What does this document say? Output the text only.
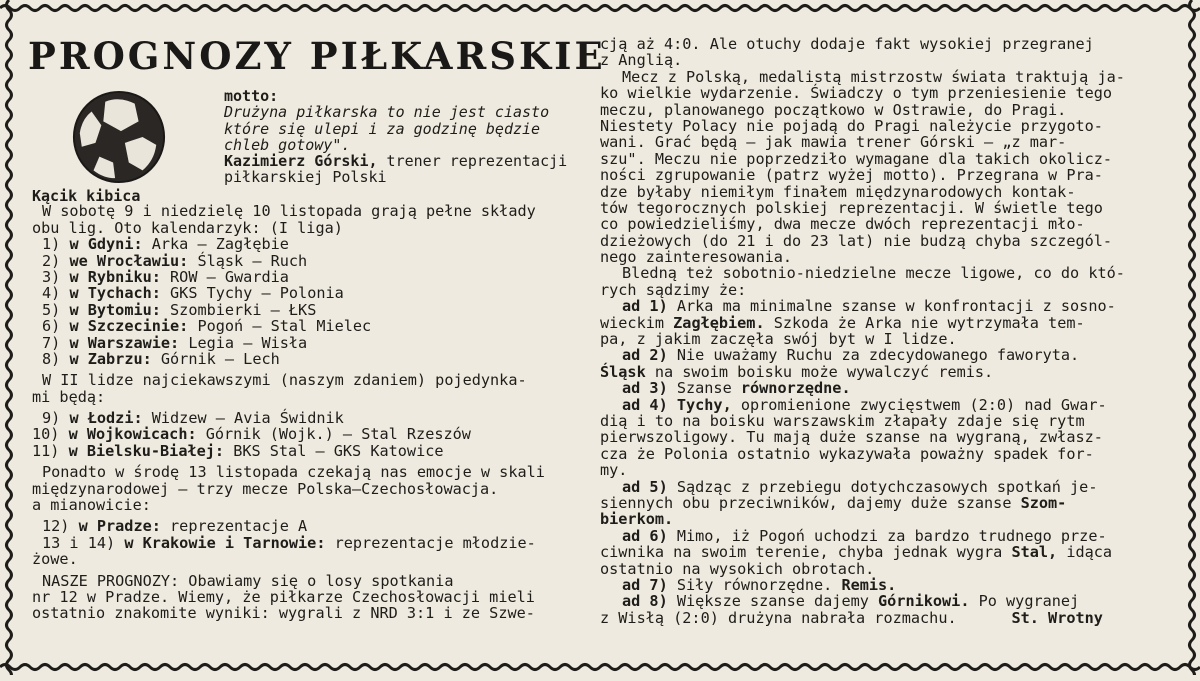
PROGNOZY PIŁKARSKIE
motto:
Drużyna piłkarska to nie jest ciasto
które się ulepi i za godzinę będzie
chleb gotowy".
Kazimierz Górski, trener reprezentacji
piłkarskiej Polski
Kącik kibica
W sobotę 9 i niedzielę 10 listopada grają pełne składy
obu lig. Oto kalendarzyk: (I liga)
1) w Gdyni: Arka — Zagłębie
2) we Wrocławiu: Śląsk — Ruch
3) w Rybniku: ROW — Gwardia
4) w Tychach: GKS Tychy — Polonia
5) w Bytomiu: Szombierki — ŁKS
6) w Szczecinie: Pogoń — Stal Mielec
7) w Warszawie: Legia — Wisła
8) w Zabrzu: Górnik — Lech
W II lidze najciekawszymi (naszym zdaniem) pojedynka-
mi będą:
9) w Łodzi: Widzew — Avia Świdnik
10) w Wojkowicach: Górnik (Wojk.) — Stal Rzeszów
11) w Bielsku-Białej: BKS Stal — GKS Katowice
Ponadto w środę 13 listopada czekają nas emocje w skali
międzynarodowej — trzy mecze Polska—Czechosłowacja.
a mianowicie:
12) w Pradze: reprezentacje A
13 i 14) w Krakowie i Tarnowie: reprezentacje młodzie-
żowe.
NASZE PROGNOZY: Obawiamy się o losy spotkania
nr 12 w Pradze. Wiemy, że piłkarze Czechosłowacji mieli
ostatnio znakomite wyniki: wygrali z NRD 3:1 i ze Szwe-
cją aż 4:0. Ale otuchy dodaje fakt wysokiej przegranej
z Anglią.
Mecz z Polską, medalistą mistrzostw świata traktują ja-
ko wielkie wydarzenie. Świadczy o tym przeniesienie tego
meczu, planowanego początkowo w Ostrawie, do Pragi.
Niestety Polacy nie pojadą do Pragi należycie przygoto-
wani. Grać będą — jak mawia trener Górski — „z mar-
szu". Meczu nie poprzedziło wymagane dla takich okolicz-
ności zgrupowanie (patrz wyżej motto). Przegrana w Pra-
dze byłaby niemiłym finałem międzynarodowych kontak-
tów tegorocznych polskiej reprezentacji. W świetle tego
co powiedzieliśmy, dwa mecze dwóch reprezentacji mło-
dzieżowych (do 21 i do 23 lat) nie budzą chyba szczegól-
nego zainteresowania.
Bledną też sobotnio-niedzielne mecze ligowe, co do któ-
rych sądzimy że:
ad 1) Arka ma minimalne szanse w konfrontacji z sosno-
wieckim Zagłębiem. Szkoda że Arka nie wytrzymała tem-
pa, z jakim zaczęła swój byt w I lidze.
ad 2) Nie uważamy Ruchu za zdecydowanego faworyta.
Śląsk na swoim boisku może wywalczyć remis.
ad 3) Szanse równorzędne.
ad 4) Tychy, opromienione zwycięstwem (2:0) nad Gwar-
dią i to na boisku warszawskim złapały zdaje się rytm
pierwszoligowy. Tu mają duże szanse na wygraną, zwłasz-
cza że Polonia ostatnio wykazywała poważny spadek for-
my.
ad 5) Sądząc z przebiegu dotychczasowych spotkań je-
siennych obu przeciwników, dajemy duże szanse Szom-
bierkom.
ad 6) Mimo, iż Pogoń uchodzi za bardzo trudnego prze-
ciwnika na swoim terenie, chyba jednak wygra Stal, idąca
ostatnio na wysokich obrotach.
ad 7) Siły równorzędne. Remis.
ad 8) Większe szanse dajemy Górnikowi. Po wygranej
z Wisłą (2:0) drużyna nabrała rozmachu.	St. Wrotny
